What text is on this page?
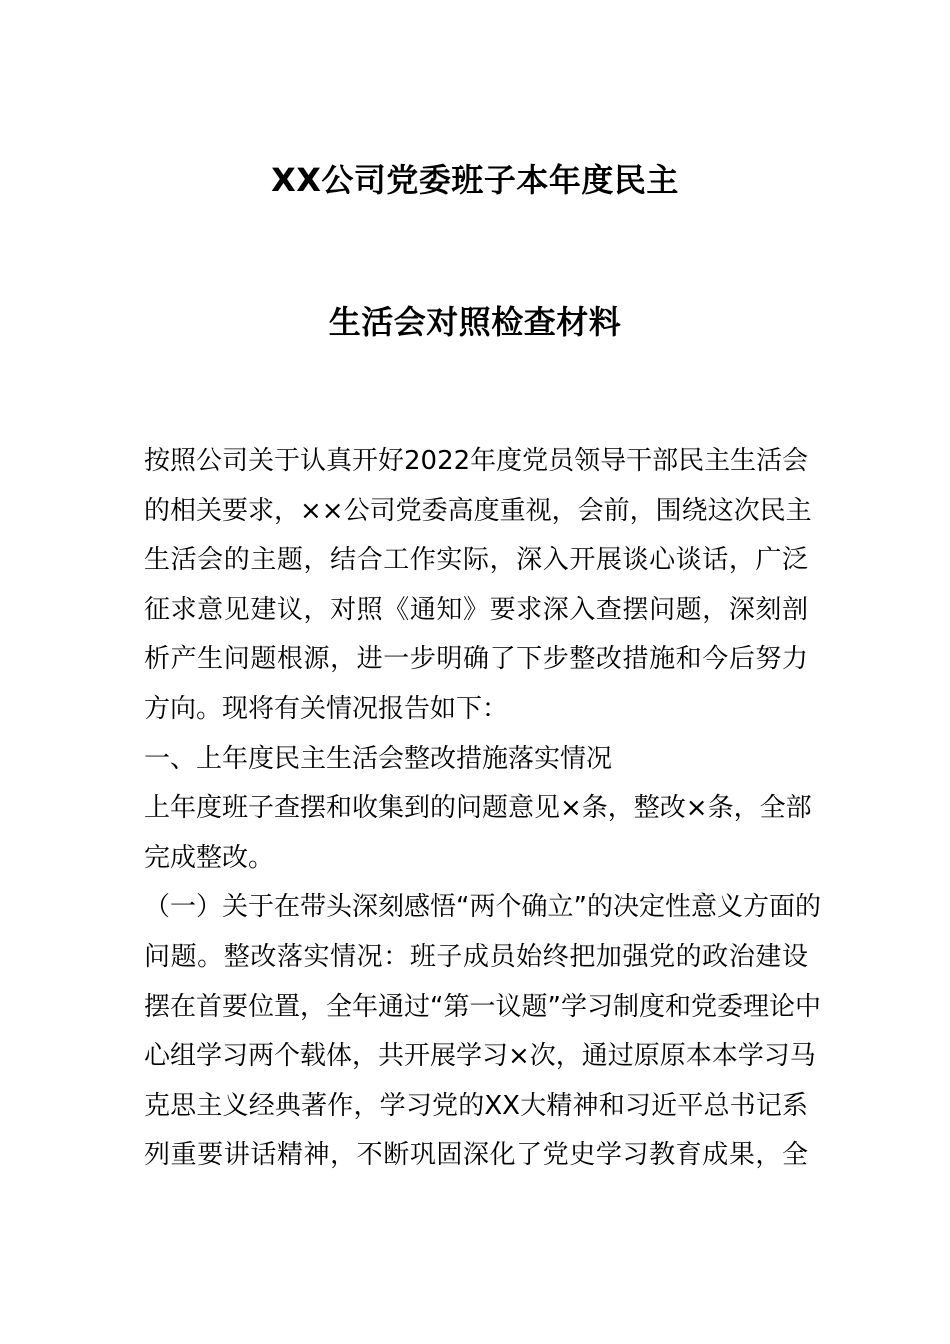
XX公司党委班子本年度民主
生活会对照检查材料
按照公司关于认真开好2022年度党员领导干部民主生活会
的相关要求，××公司党委高度重视，会前，围绕这次民主
生活会的主题，结合工作实际，深入开展谈心谈话，广泛
征求意见建议，对照《通知》要求深入查摆问题，深刻剖
析产生问题根源，进一步明确了下步整改措施和今后努力
方向。现将有关情况报告如下：
一、上年度民主生活会整改措施落实情况
上年度班子查摆和收集到的问题意见×条，整改×条，全部
完成整改。
（一）关于在带头深刻感悟“两个确立”的决定性意义方面的
问题。整改落实情况：班子成员始终把加强党的政治建设
摆在首要位置，全年通过“第一议题”学习制度和党委理论中
心组学习两个载体，共开展学习×次，通过原原本本学习马
克思主义经典著作，学习党的XX大精神和习近平总书记系
列重要讲话精神，不断巩固深化了党史学习教育成果，全
